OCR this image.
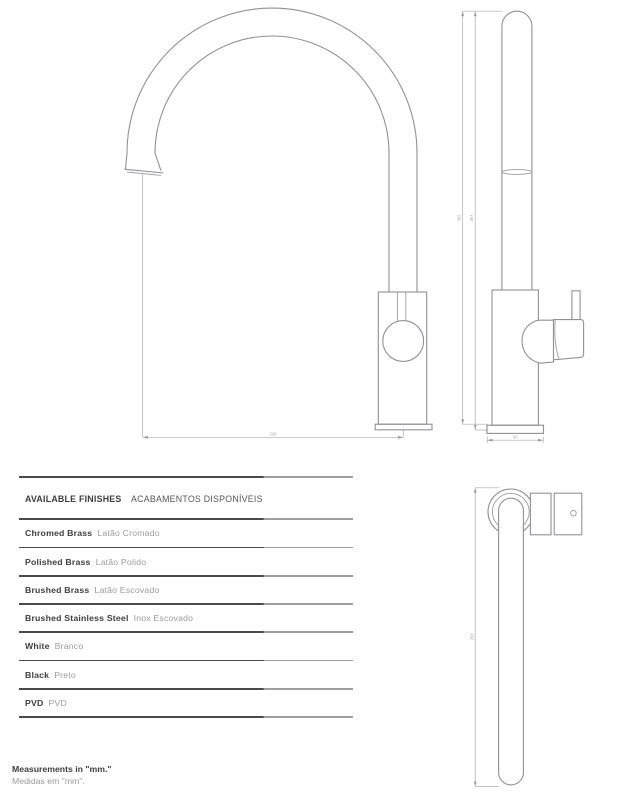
228
362 367
60
263
AVAILABLE FINISHES ACABAMENTOS DISPONÍVEIS
Chromed Brass Latão Cromado
Polished Brass Latão Polido
Brushed Brass Latão Escovado
Brushed Stainless Steel Inox Escovado
White Branco
Black Preto
PVD PVD
Measurements in "mm."
Medidas em "mm".
